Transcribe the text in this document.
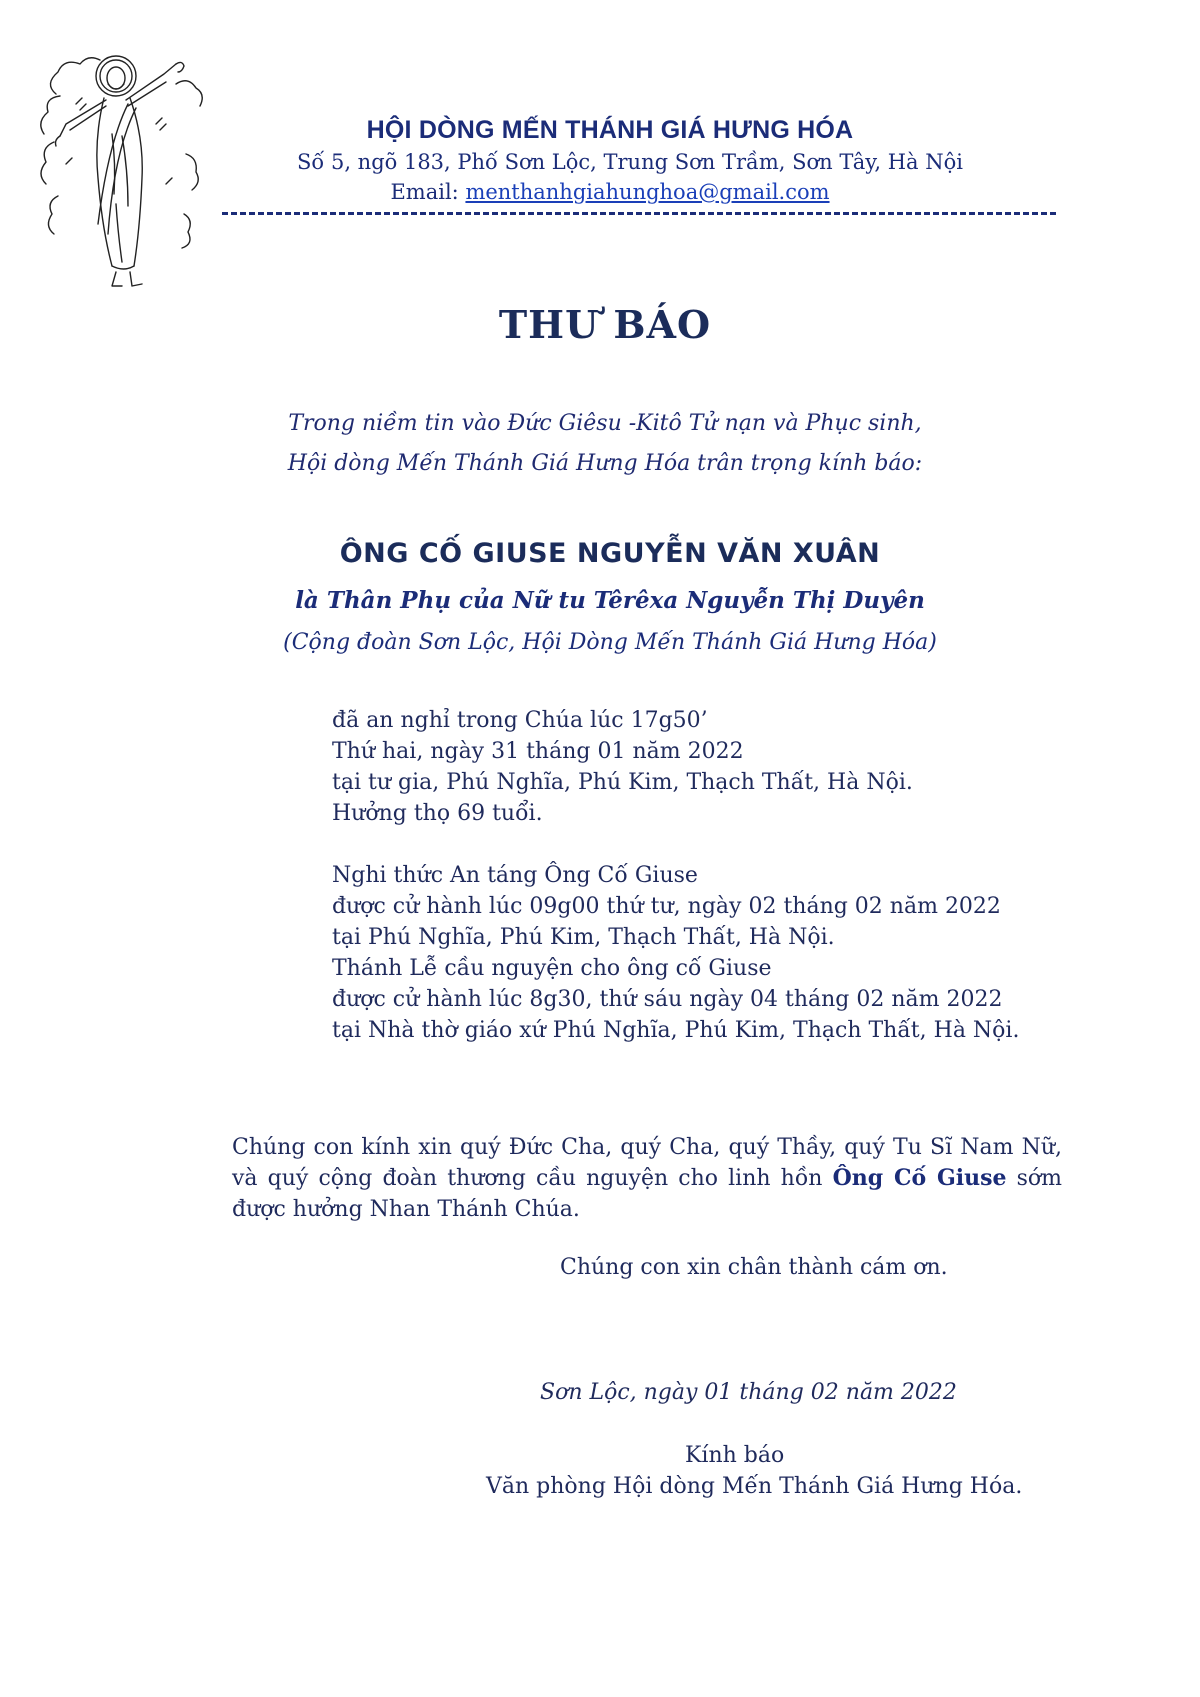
HỘI DÒNG MẾN THÁNH GIÁ HƯNG HÓA
Số 5, ngõ 183, Phố Sơn Lộc, Trung Sơn Trầm, Sơn Tây, Hà Nội
Email: menthanhgiahunghoa@gmail.com
THƯ BÁO
Trong niềm tin vào Đức Giêsu -Kitô Tử nạn và Phục sinh,
Hội dòng Mến Thánh Giá Hưng Hóa trân trọng kính báo:
ÔNG CỐ GIUSE NGUYỄN VĂN XUÂN
là Thân Phụ của Nữ tu Têrêxa Nguyễn Thị Duyên
(Cộng đoàn Sơn Lộc, Hội Dòng Mến Thánh Giá Hưng Hóa)
đã an nghỉ trong Chúa lúc 17g50’
Thứ hai, ngày 31 tháng 01 năm 2022
tại tư gia, Phú Nghĩa, Phú Kim, Thạch Thất, Hà Nội.
Hưởng thọ 69 tuổi.
Nghi thức An táng Ông Cố Giuse
được cử hành lúc 09g00 thứ tư, ngày 02 tháng 02 năm 2022
tại Phú Nghĩa, Phú Kim, Thạch Thất, Hà Nội.
Thánh Lễ cầu nguyện cho ông cố Giuse
được cử hành lúc 8g30, thứ sáu ngày 04 tháng 02 năm 2022
tại Nhà thờ giáo xứ Phú Nghĩa, Phú Kim, Thạch Thất, Hà Nội.
Chúng con kính xin quý Đức Cha, quý Cha, quý Thầy, quý Tu Sĩ Nam Nữ, và quý cộng đoàn thương cầu nguyện cho linh hồn Ông Cố Giuse sớm được hưởng Nhan Thánh Chúa.
Chúng con xin chân thành cám ơn.
Sơn Lộc, ngày 01 tháng 02 năm 2022
Kính báo
Văn phòng Hội dòng Mến Thánh Giá Hưng Hóa.
